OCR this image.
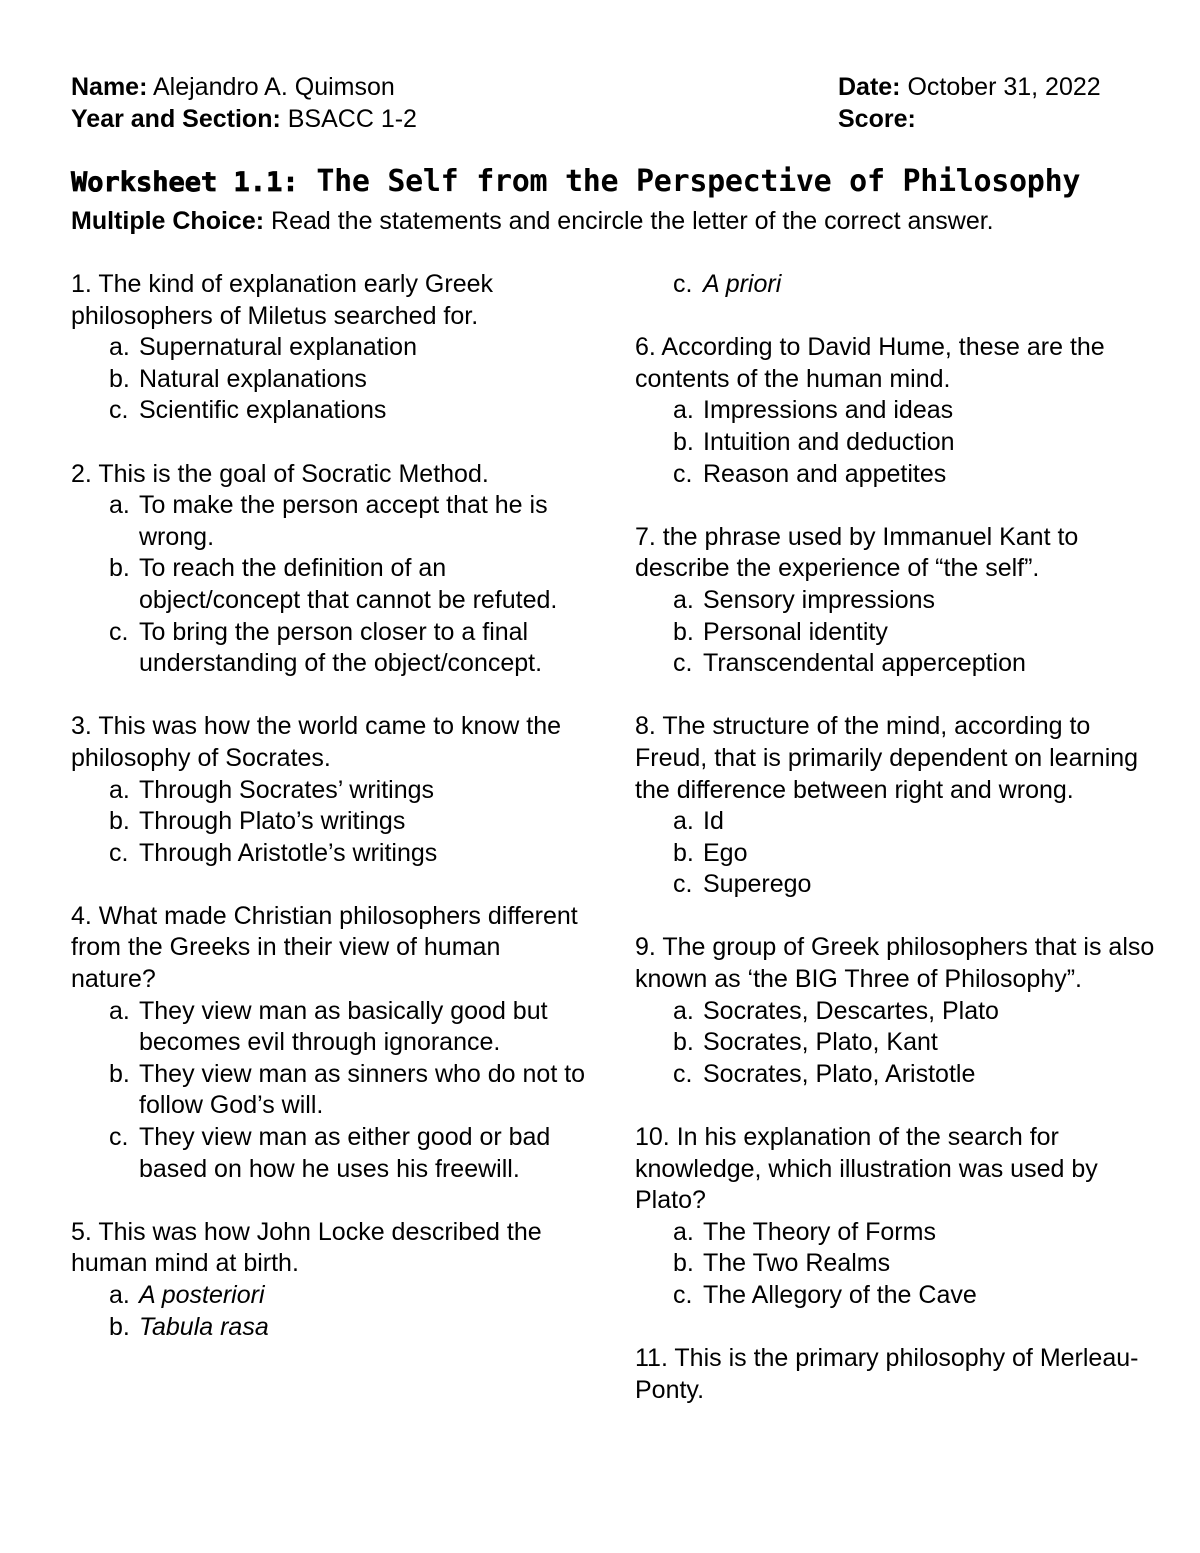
Name: Alejandro A. Quimson
Year and Section: BSACC 1-2
Date: October 31, 2022
Score:
Worksheet 1.1: The Self from the Perspective of Philosophy
Multiple Choice: Read the statements and encircle the letter of the correct answer.

1. The kind of explanation early Greek philosophers of Miletus searched for.

a. Supernatural explanation
b. Natural explanations
c. Scientific explanations

2. This is the goal of Socratic Method.

a. To make the person accept that he is wrong.
b. To reach the definition of an object/concept that cannot be refuted.
c. To bring the person closer to a final understanding of the object/concept.

3. This was how the world came to know the philosophy of Socrates.

a. Through Socrates’ writings
b. Through Plato’s writings
c. Through Aristotle’s writings

4. What made Christian philosophers different from the Greeks in their view of human nature?

a. They view man as basically good but becomes evil through ignorance.
b. They view man as sinners who do not to follow God’s will.
c. They view man as either good or bad based on how he uses his freewill.

5. This was how John Locke described the human mind at birth.

a. A posteriori
b. Tabula rasa
c. A priori

6. According to David Hume, these are the contents of the human mind.

a. Impressions and ideas
b. Intuition and deduction
c. Reason and appetites

7. the phrase used by Immanuel Kant to describe the experience of “the self”.

a. Sensory impressions
b. Personal identity
c. Transcendental apperception

8. The structure of the mind, according to Freud, that is primarily dependent on learning the difference between right and wrong.

a. Id
b. Ego
c. Superego

9. The group of Greek philosophers that is also known as ‘the BIG Three of Philosophy”.

a. Socrates, Descartes, Plato
b. Socrates, Plato, Kant
c. Socrates, Plato, Aristotle

10. In his explanation of the search for knowledge, which illustration was used by Plato?

a. The Theory of Forms
b. The Two Realms
c. The Allegory of the Cave

11. This is the primary philosophy of Merleau-Ponty.
